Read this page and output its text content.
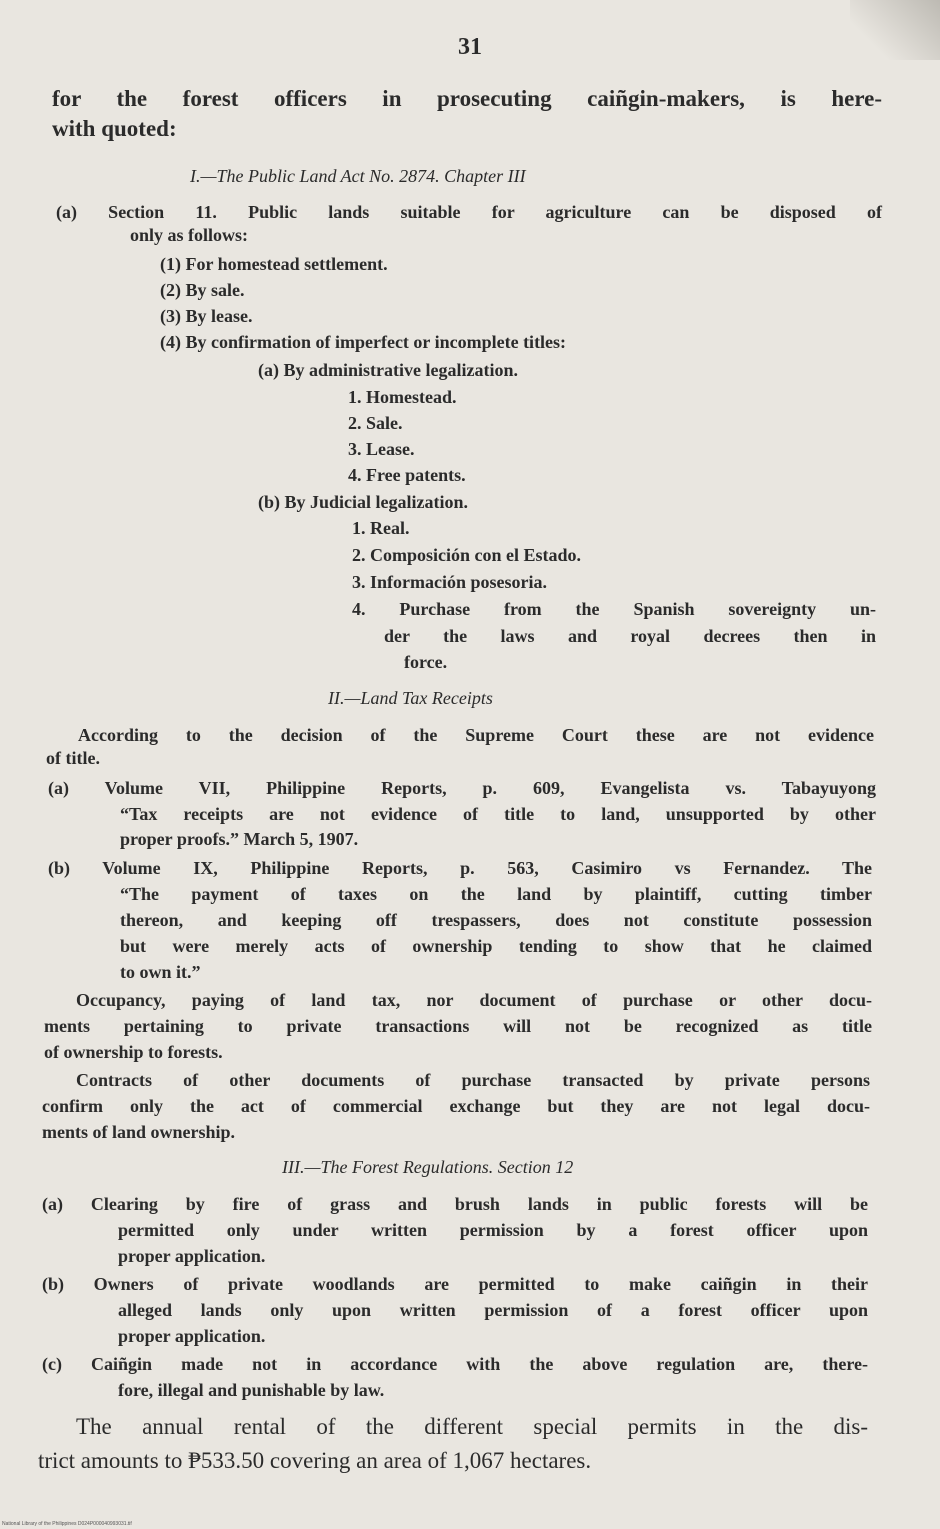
31
for the forest officers in prosecuting caiñgin-makers, is here-
with quoted:
I.—The Public Land Act No. 2874. Chapter III
(a) Section 11. Public lands suitable for agriculture can be disposed of
only as follows:
(1) For homestead settlement.
(2) By sale.
(3) By lease.
(4) By confirmation of imperfect or incomplete titles:
(a) By administrative legalization.
1. Homestead.
2. Sale.
3. Lease.
4. Free patents.
(b) By Judicial legalization.
1. Real.
2. Composición con el Estado.
3. Información posesoria.
4. Purchase from the Spanish sovereignty un-
der the laws and royal decrees then in
force.
II.—Land Tax Receipts
According to the decision of the Supreme Court these are not evidence
of title.
(a) Volume VII, Philippine Reports, p. 609, Evangelista vs. Tabayuyong
“Tax receipts are not evidence of title to land, unsupported by other
proper proofs.” March 5, 1907.
(b) Volume IX, Philippine Reports, p. 563, Casimiro vs Fernandez. The
“The payment of taxes on the land by plaintiff, cutting timber
thereon, and keeping off trespassers, does not constitute possession
but were merely acts of ownership tending to show that he claimed
to own it.”
Occupancy, paying of land tax, nor document of purchase or other docu-
ments pertaining to private transactions will not be recognized as title
of ownership to forests.
Contracts of other documents of purchase transacted by private persons
confirm only the act of commercial exchange but they are not legal docu-
ments of land ownership.
III.—The Forest Regulations. Section 12
(a) Clearing by fire of grass and brush lands in public forests will be
permitted only under written permission by a forest officer upon
proper application.
(b) Owners of private woodlands are permitted to make caiñgin in their
alleged lands only upon written permission of a forest officer upon
proper application.
(c) Caiñgin made not in accordance with the above regulation are, there-
fore, illegal and punishable by law.
The annual rental of the different special permits in the dis-
trict amounts to ₱533.50 covering an area of 1,067 hectares.
National Library of the Philippines D024P000040993031.tif
